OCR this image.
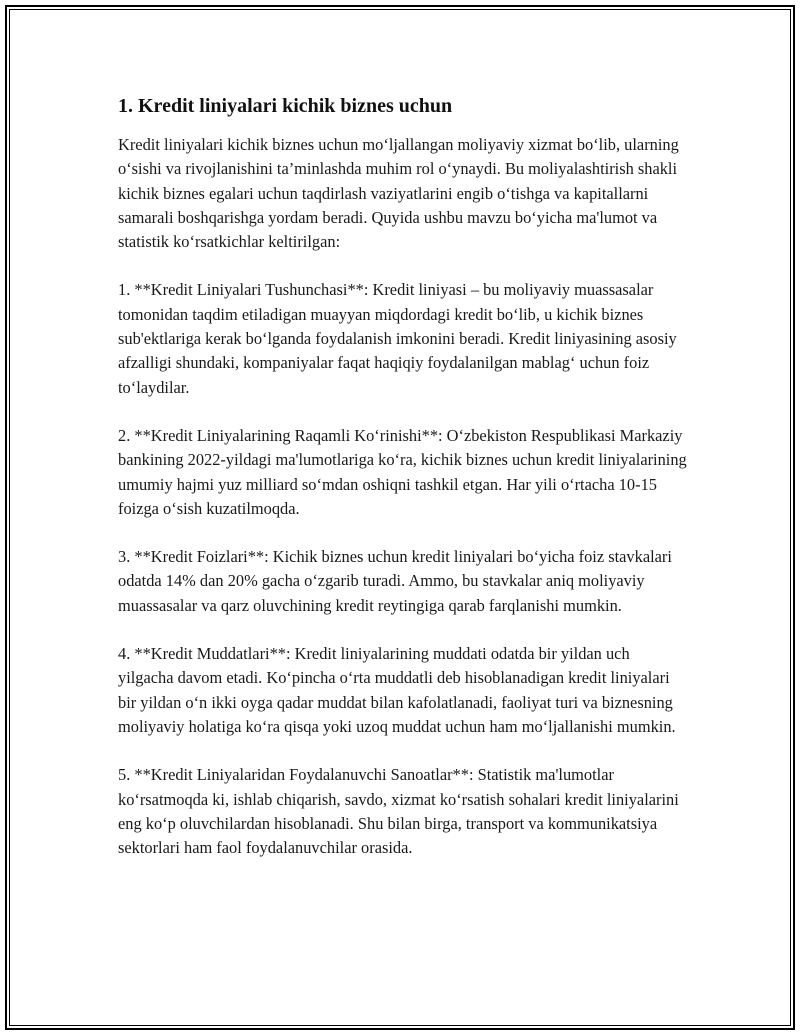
1. Kredit liniyalari kichik biznes uchun

Kredit liniyalari kichik biznes uchun mo‘ljallangan moliyaviy xizmat bo‘lib, ularning o‘sishi va rivojlanishini ta’minlashda muhim rol o‘ynaydi. Bu moliyalashtirish shakli kichik biznes egalari uchun taqdirlash vaziyatlarini engib o‘tishga va kapitallarni samarali boshqarishga yordam beradi. Quyida ushbu mavzu bo‘yicha ma'lumot va statistik ko‘rsatkichlar keltirilgan:

1. **Kredit Liniyalari Tushunchasi**: Kredit liniyasi – bu moliyaviy muassasalar tomonidan taqdim etiladigan muayyan miqdordagi kredit bo‘lib, u kichik biznes sub'ektlariga kerak bo‘lganda foydalanish imkonini beradi. Kredit liniyasining asosiy afzalligi shundaki, kompaniyalar faqat haqiqiy foydalanilgan mablag‘ uchun foiz to‘laydilar.

2. **Kredit Liniyalarining Raqamli Ko‘rinishi**: O‘zbekiston Respublikasi Markaziy bankining 2022-yildagi ma'lumotlariga ko‘ra, kichik biznes uchun kredit liniyalarining umumiy hajmi yuz milliard so‘mdan oshiqni tashkil etgan. Har yili o‘rtacha 10-15 foizga o‘sish kuzatilmoqda.

3. **Kredit Foizlari**: Kichik biznes uchun kredit liniyalari bo‘yicha foiz stavkalari odatda 14% dan 20% gacha o‘zgarib turadi. Ammo, bu stavkalar aniq moliyaviy muassasalar va qarz oluvchining kredit reytingiga qarab farqlanishi mumkin.

4. **Kredit Muddatlari**: Kredit liniyalarining muddati odatda bir yildan uch yilgacha davom etadi. Ko‘pincha o‘rta muddatli deb hisoblanadigan kredit liniyalari bir yildan o‘n ikki oyga qadar muddat bilan kafolatlanadi, faoliyat turi va biznesning moliyaviy holatiga ko‘ra qisqa yoki uzoq muddat uchun ham mo‘ljallanishi mumkin.

5. **Kredit Liniyalaridan Foydalanuvchi Sanoatlar**: Statistik ma'lumotlar ko‘rsatmoqda ki, ishlab chiqarish, savdo, xizmat ko‘rsatish sohalari kredit liniyalarini eng ko‘p oluvchilardan hisoblanadi. Shu bilan birga, transport va kommunikatsiya sektorlari ham faol foydalanuvchilar orasida.
